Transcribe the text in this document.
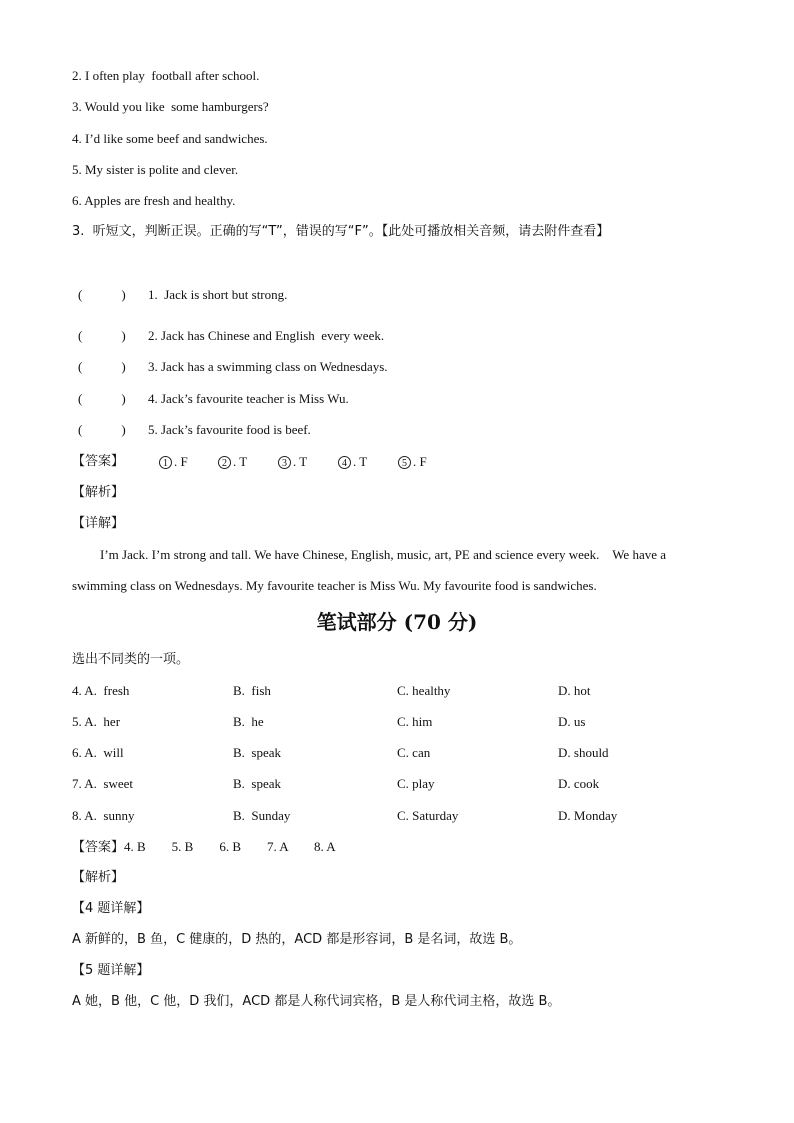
2. I often play  football after school.
3. Would you like  some hamburgers?
4. I’d like some beef and sandwiches.
5. My sister is polite and clever.
6. Apples are fresh and healthy.
3.  听短文，判断正误。正确的写“T”，错误的写“F”。【此处可播放相关音频，请去附件查看】
(            ) 1.  Jack is short but strong.
(            ) 2. Jack has Chinese and English  every week.
(            ) 3. Jack has a swimming class on Wednesdays.
(            ) 4. Jack’s favourite teacher is Miss Wu.
(            ) 5. Jack’s favourite food is beef.
【答案】	1 . F	2 . T	3 . T	4 . T	5 . F
【解析】
【详解】
I’m Jack. I’m strong and tall. We have Chinese, English, music, art, PE and science every week.    We have a
swimming class on Wednesdays. My favourite teacher is Miss Wu. My favourite food is sandwiches.
笔试部分 (70 分)
选出不同类的一项。
4. A.  fresh	B.  fish	C. healthy	D. hot
5. A.  her	B.  he	C. him	D. us
6. A.  will	B.  speak	C. can	D. should
7. A.  sweet	B.  speak	C. play	D. cook
8. A.  sunny	B.  Sunday	C. Saturday	D. Monday
【答案】4. B        5. B        6. B        7. A        8. A
【解析】
【4 题详解】
A 新鲜的，B 鱼，C 健康的，D 热的，ACD 都是形容词，B 是名词，故选 B。
【5 题详解】
A 她，B 他，C 他，D 我们，ACD 都是人称代词宾格，B 是人称代词主格，故选 B。
